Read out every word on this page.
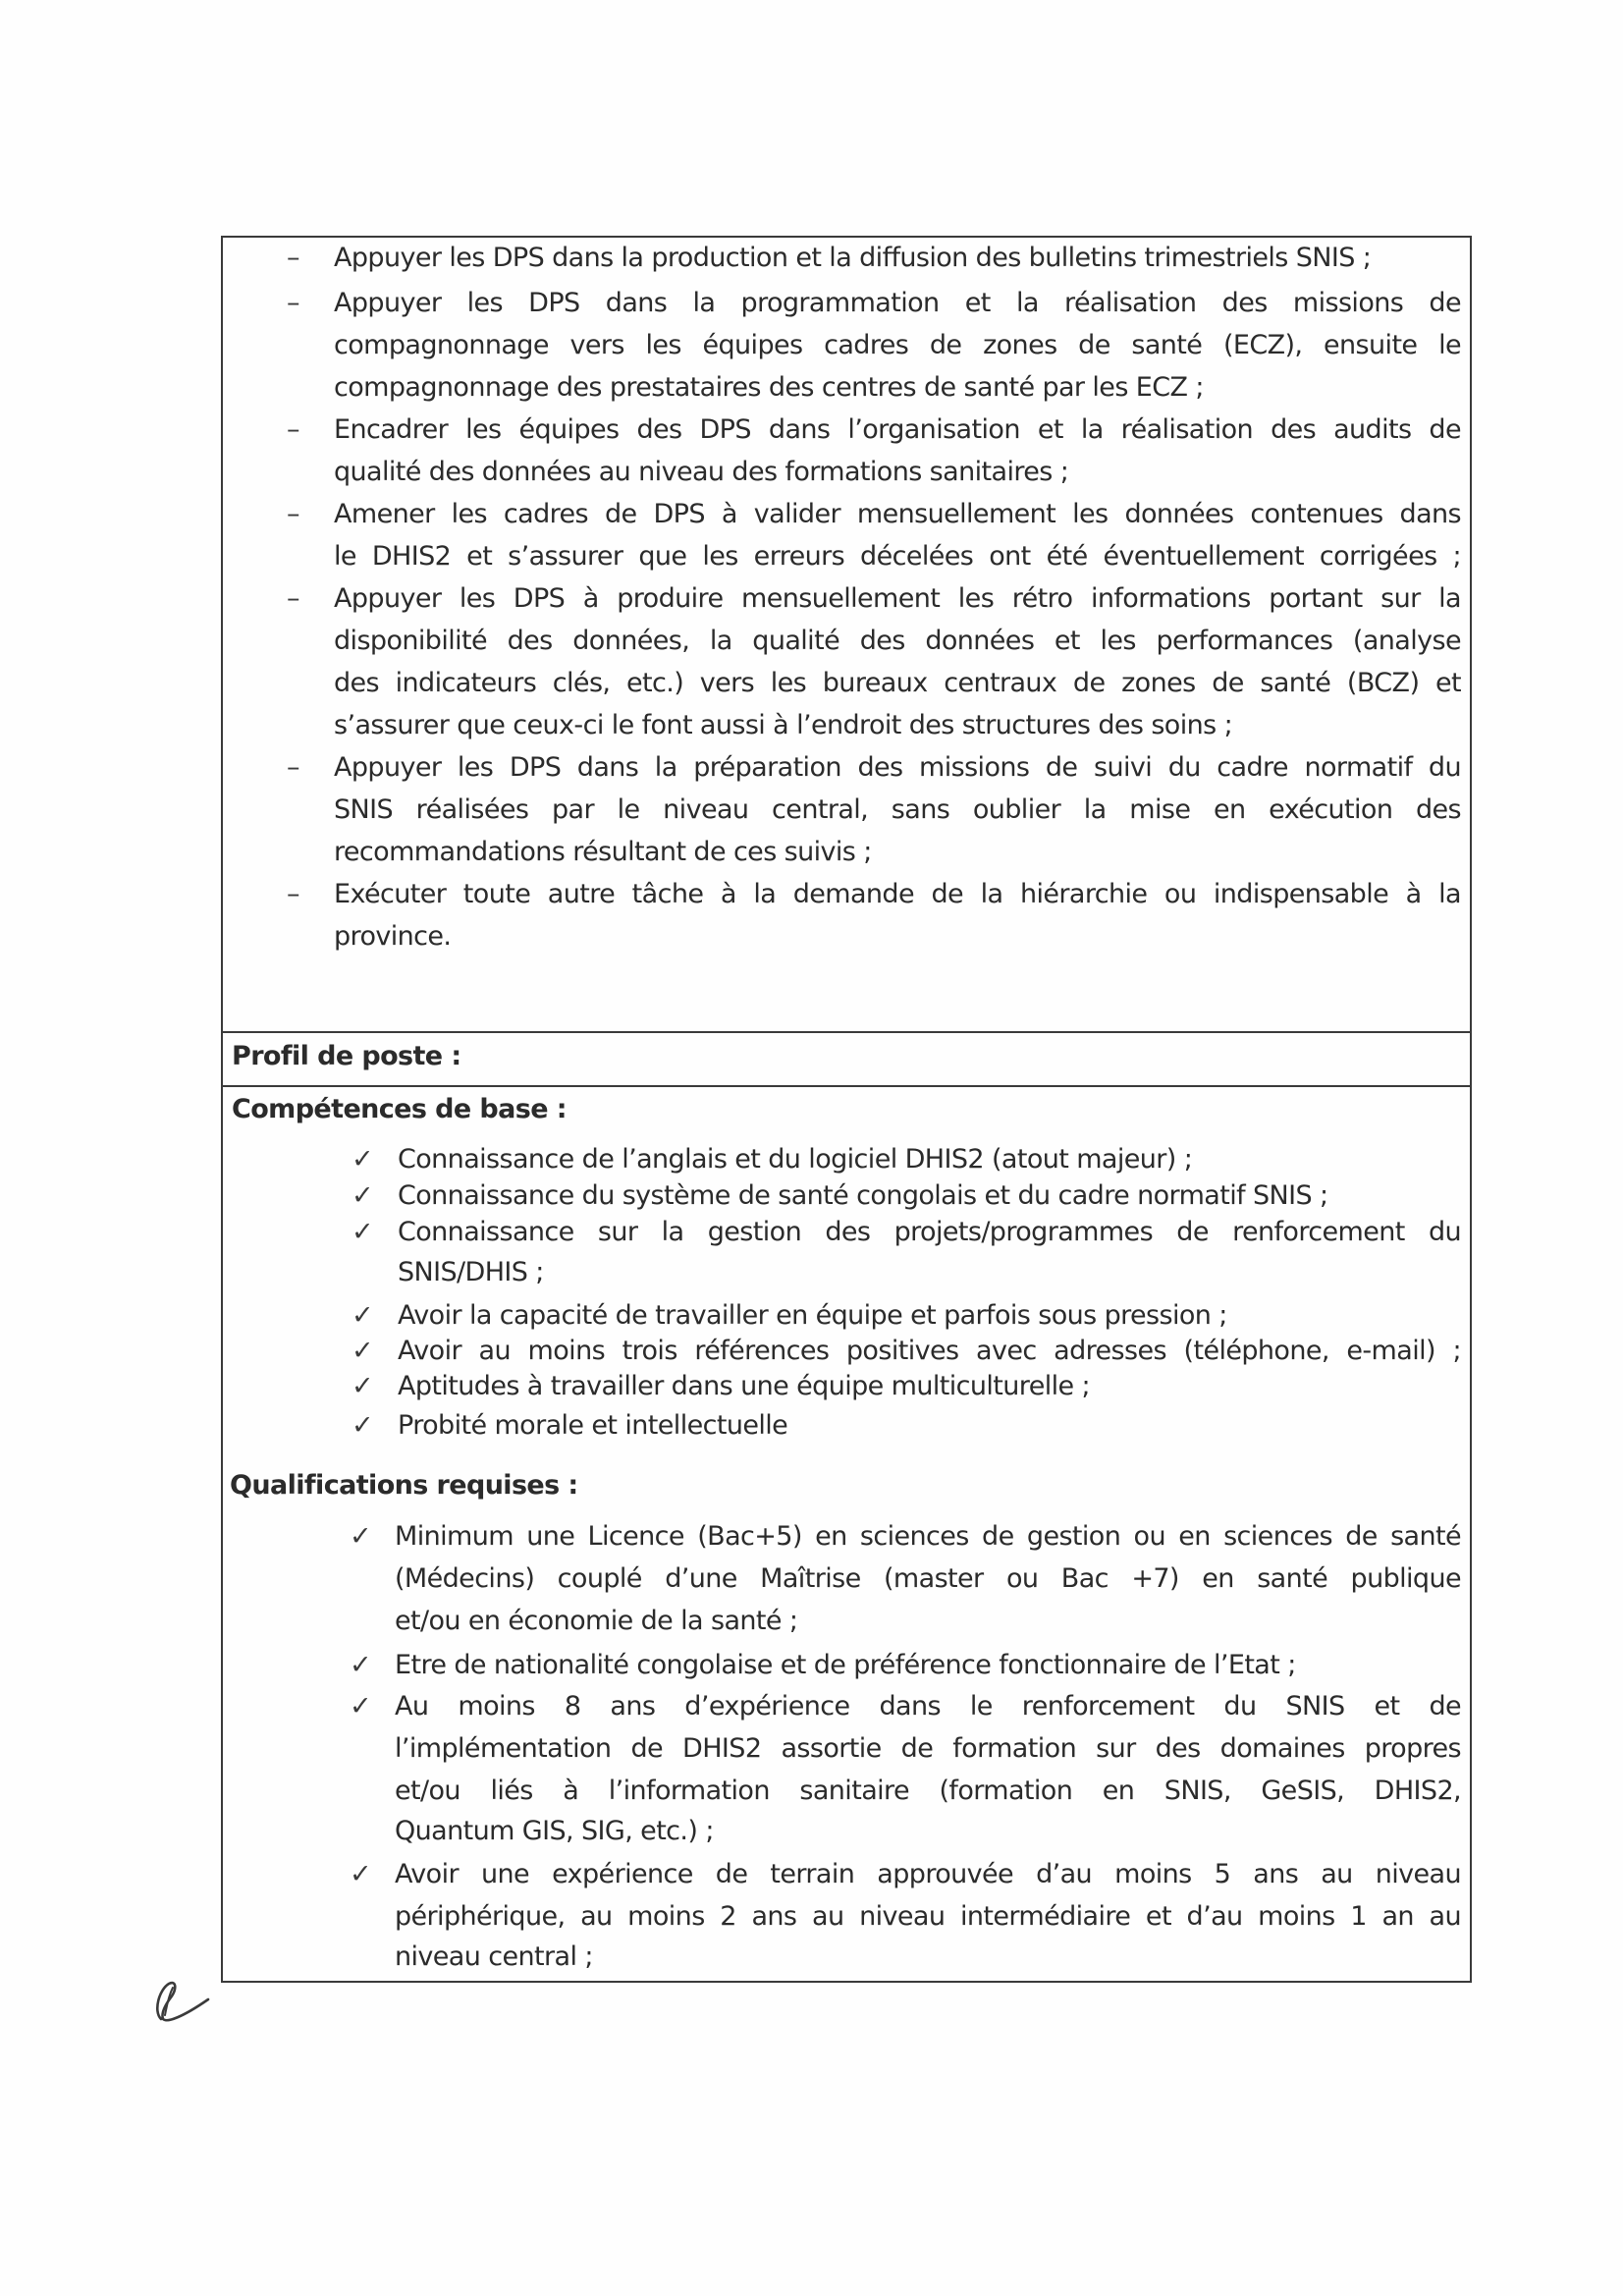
– Appuyer les DPS dans la production et la diffusion des bulletins trimestriels SNIS ;
– Appuyer les DPS dans la programmation et la réalisation des missions de
compagnonnage vers les équipes cadres de zones de santé (ECZ), ensuite le
compagnonnage des prestataires des centres de santé par les ECZ ;
– Encadrer les équipes des DPS dans l’organisation et la réalisation des audits de
qualité des données au niveau des formations sanitaires ;
– Amener les cadres de DPS à valider mensuellement les données contenues dans
le DHIS2 et s’assurer que les erreurs décelées ont été éventuellement corrigées ;
– Appuyer les DPS à produire mensuellement les rétro informations portant sur la
disponibilité des données, la qualité des données et les performances (analyse
des indicateurs clés, etc.) vers les bureaux centraux de zones de santé (BCZ) et
s’assurer que ceux-ci le font aussi à l’endroit des structures des soins ;
– Appuyer les DPS dans la préparation des missions de suivi du cadre normatif du
SNIS réalisées par le niveau central, sans oublier la mise en exécution des
recommandations résultant de ces suivis ;
– Exécuter toute autre tâche à la demande de la hiérarchie ou indispensable à la
province.
Profil de poste :
Compétences de base :
✓ Connaissance de l’anglais et du logiciel DHIS2 (atout majeur) ;
✓ Connaissance du système de santé congolais et du cadre normatif SNIS ;
✓ Connaissance sur la gestion des projets/programmes de renforcement du
SNIS/DHIS ;
✓ Avoir la capacité de travailler en équipe et parfois sous pression ;
✓ Avoir au moins trois références positives avec adresses (téléphone, e-mail) ;
✓ Aptitudes à travailler dans une équipe multiculturelle ;
✓ Probité morale et intellectuelle
Qualifications requises :
✓ Minimum une Licence (Bac+5) en sciences de gestion ou en sciences de santé
(Médecins) couplé d’une Maîtrise (master ou Bac +7) en santé publique
et/ou en économie de la santé ;
✓ Etre de nationalité congolaise et de préférence fonctionnaire de l’Etat ;
✓ Au moins 8 ans d’expérience dans le renforcement du SNIS et de
l’implémentation de DHIS2 assortie de formation sur des domaines propres
et/ou liés à l’information sanitaire (formation en SNIS, GeSIS, DHIS2,
Quantum GIS, SIG, etc.) ;
✓ Avoir une expérience de terrain approuvée d’au moins 5 ans au niveau
périphérique, au moins 2 ans au niveau intermédiaire et d’au moins 1 an au
niveau central ;
